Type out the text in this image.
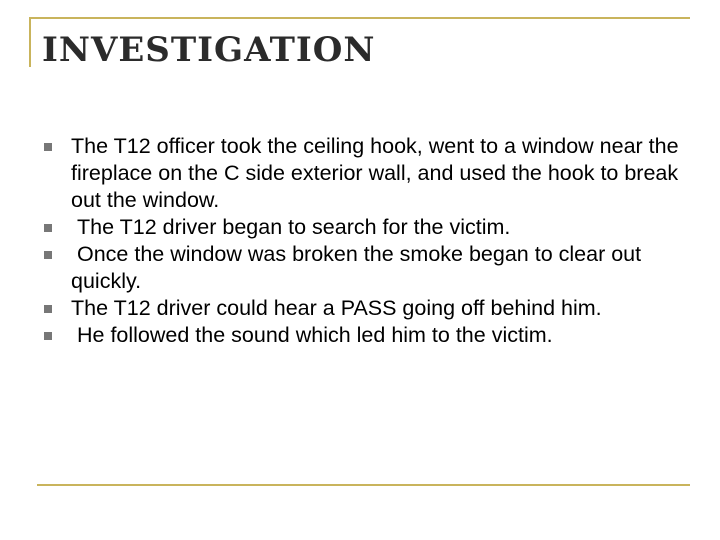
INVESTIGATION
The T12 officer took the ceiling hook, went to a window near the fireplace on the C side exterior wall, and used the hook to break out the window.
The T12 driver began to search for the victim.
Once the window was broken the smoke began to clear out quickly.
The T12 driver could hear a PASS going off behind him.
He followed the sound which led him to the victim.
